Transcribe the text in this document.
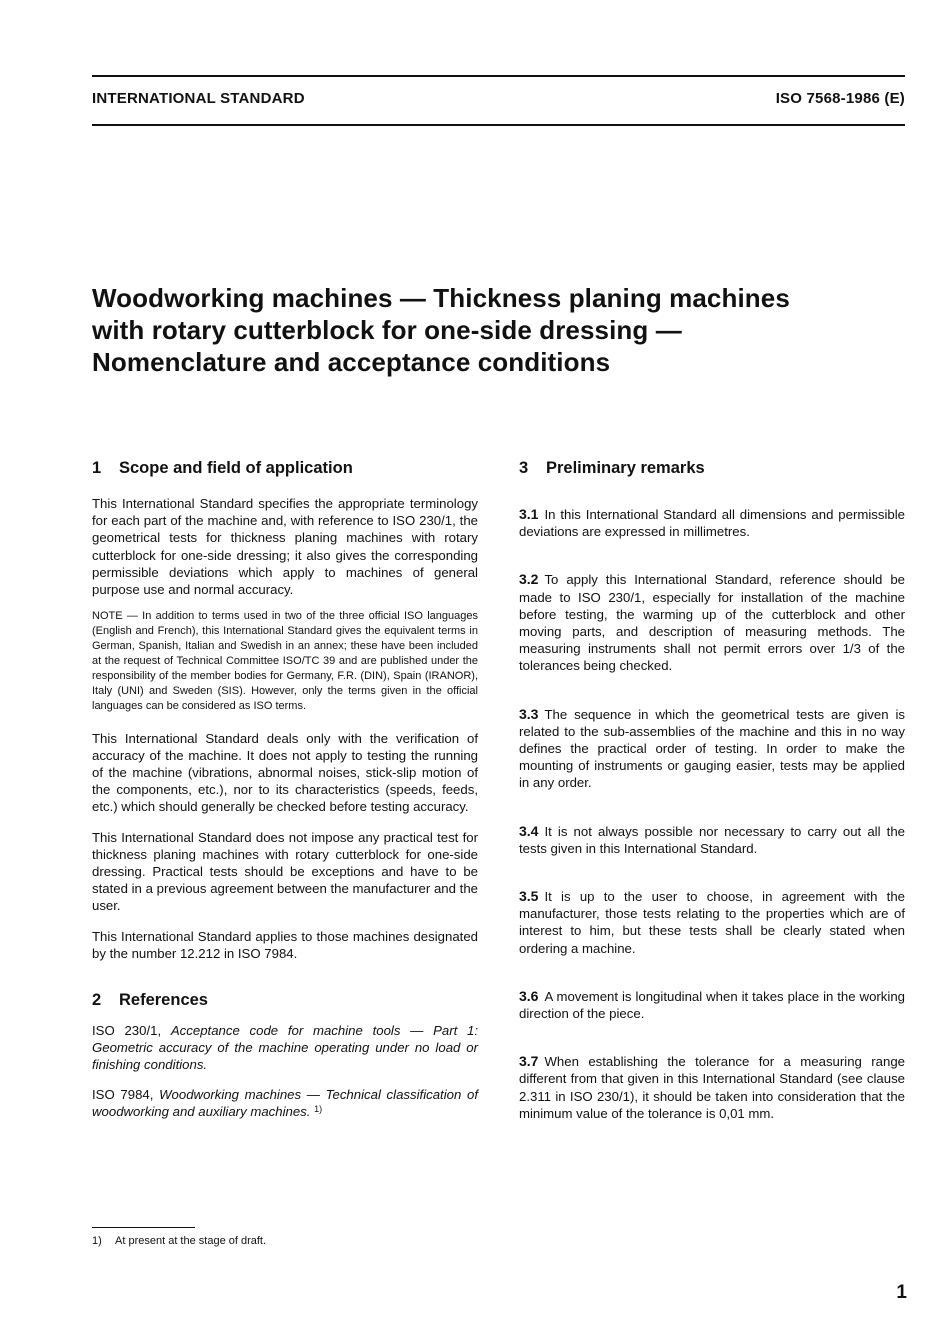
INTERNATIONAL STANDARD	ISO 7568-1986 (E)
Woodworking machines — Thickness planing machines
with rotary cutterblock for one-side dressing —
Nomenclature and acceptance conditions
1 Scope and field of application

This International Standard specifies the appropriate terminology for each part of the machine and, with reference to ISO 230/1, the geometrical tests for thickness planing machines with rotary cutterblock for one-side dressing; it also gives the corresponding permissible deviations which apply to machines of general purpose use and normal accuracy.

NOTE — In addition to terms used in two of the three official ISO languages (English and French), this International Standard gives the equivalent terms in German, Spanish, Italian and Swedish in an annex; these have been included at the request of Technical Committee ISO/TC 39 and are published under the responsibility of the member bodies for Germany, F.R. (DIN), Spain (IRANOR), Italy (UNI) and Sweden (SIS). However, only the terms given in the official languages can be considered as ISO terms.

This International Standard deals only with the verification of accuracy of the machine. It does not apply to testing the running of the machine (vibrations, abnormal noises, stick-slip motion of the components, etc.), nor to its characteristics (speeds, feeds, etc.) which should generally be checked before testing accuracy.

This International Standard does not impose any practical test for thickness planing machines with rotary cutterblock for one-side dressing. Practical tests should be exceptions and have to be stated in a previous agreement between the manufacturer and the user.

This International Standard applies to those machines designated by the number 12.212 in ISO 7984.

2 References

ISO 230/1, Acceptance code for machine tools — Part 1: Geometric accuracy of the machine operating under no load or finishing conditions.

ISO 7984, Woodworking machines — Technical classification of woodworking and auxiliary machines. $^{1)}$

3 Preliminary remarks

3.1 In this International Standard all dimensions and permissible deviations are expressed in millimetres.

3.2 To apply this International Standard, reference should be made to ISO 230/1, especially for installation of the machine before testing, the warming up of the cutterblock and other moving parts, and description of measuring methods. The measuring instruments shall not permit errors over 1/3 of the tolerances being checked.

3.3 The sequence in which the geometrical tests are given is related to the sub-assemblies of the machine and this in no way defines the practical order of testing. In order to make the mounting of instruments or gauging easier, tests may be applied in any order.

3.4 It is not always possible nor necessary to carry out all the tests given in this International Standard.

3.5 It is up to the user to choose, in agreement with the manufacturer, those tests relating to the properties which are of interest to him, but these tests shall be clearly stated when ordering a machine.

3.6 A movement is longitudinal when it takes place in the working direction of the piece.

3.7 When establishing the tolerance for a measuring range different from that given in this International Standard (see clause 2.311 in ISO 230/1), it should be taken into consideration that the minimum value of the tolerance is 0,01 mm.

1) At present at the stage of draft.
1
